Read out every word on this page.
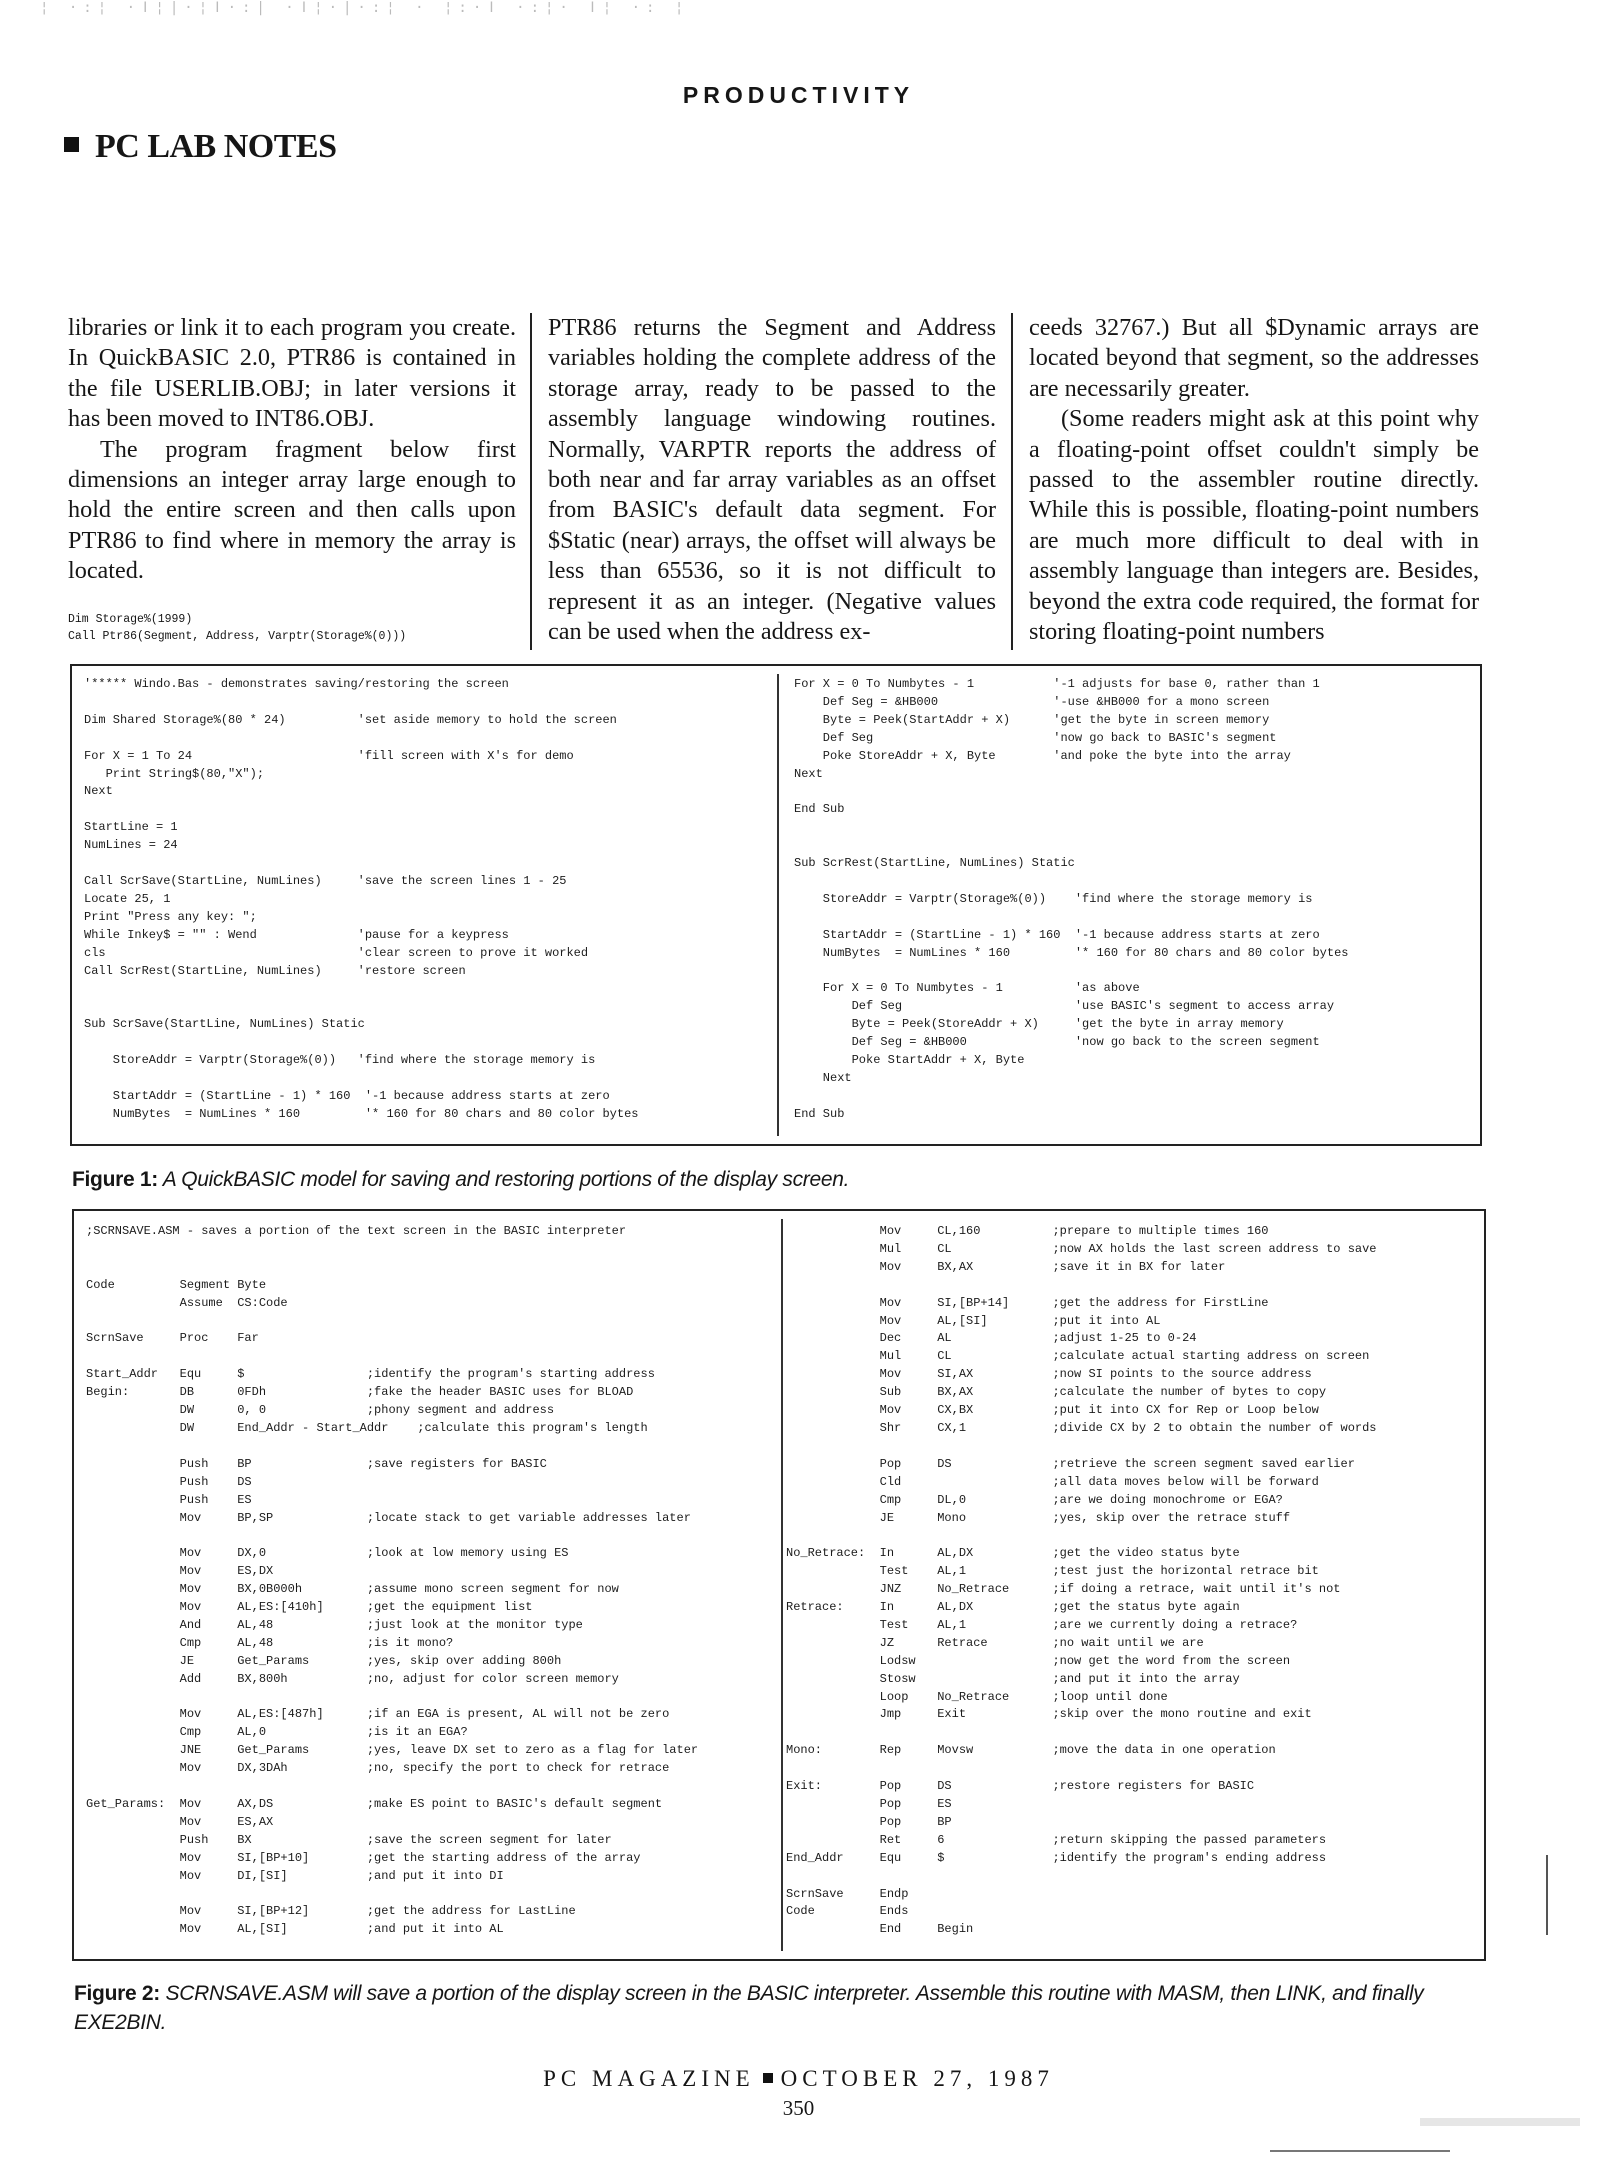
¦ ·:¦ ·ǀ¦|·¦ǀ·:| ·ǀ¦·|·:¦ · ¦:·ǀ ·:¦· ǀ¦ ·: ¦
PRODUCTIVITY
PC LAB NOTES

libraries or link it to each program you create. In QuickBASIC 2.0, PTR86 is contained in the file USERLIB.OBJ; in later versions it has been moved to INT86.OBJ.

The program fragment below first dimensions an integer array large enough to hold the entire screen and then calls upon PTR86 to find where in memory the array is located.

Dim Storage%(1999)
Call Ptr86(Segment, Address, Varptr(Storage%(0)))

PTR86 returns the Segment and Address variables holding the complete address of the storage array, ready to be passed to the assembly language windowing routines. Normally, VARPTR reports the address of both near and far array variables as an offset from BASIC's default data segment. For $Static (near) arrays, the offset will always be less than 65536, so it is not difficult to represent it as an integer. (Negative values can be used when the address ex-

ceeds 32767.) But all $Dynamic arrays are located beyond that segment, so the addresses are necessarily greater.

(Some readers might ask at this point why a floating-point offset couldn't simply be passed to the assembler routine directly. While this is possible, floating-point numbers are much more difficult to deal with in assembly language than integers are. Besides, beyond the extra code required, the format for storing floating-point numbers

'***** Windo.Bas - demonstrates saving/restoring the screen

Dim Shared Storage%(80 * 24)          'set aside memory to hold the screen

For X = 1 To 24                       'fill screen with X's for demo
Print String$(80,"X");
Next

StartLine = 1
NumLines = 24

Call ScrSave(StartLine, NumLines)     'save the screen lines 1 - 25
Locate 25, 1
Print "Press any key: ";
While Inkey$ = "" : Wend              'pause for a keypress
cls                                   'clear screen to prove it worked
Call ScrRest(StartLine, NumLines)     'restore screen

Sub ScrSave(StartLine, NumLines) Static

StoreAddr = Varptr(Storage%(0))   'find where the storage memory is

StartAddr = (StartLine - 1) * 160  '-1 because address starts at zero
NumBytes  = NumLines * 160         '* 160 for 80 chars and 80 color bytes
For X = 0 To Numbytes - 1           '-1 adjusts for base 0, rather than 1
Def Seg = &HB000                '-use &HB000 for a mono screen
Byte = Peek(StartAddr + X)      'get the byte in screen memory
Def Seg                         'now go back to BASIC's segment
Poke StoreAddr + X, Byte        'and poke the byte into the array
Next

End Sub

Sub ScrRest(StartLine, NumLines) Static

StoreAddr = Varptr(Storage%(0))    'find where the storage memory is

StartAddr = (StartLine - 1) * 160  '-1 because address starts at zero
NumBytes  = NumLines * 160         '* 160 for 80 chars and 80 color bytes

For X = 0 To Numbytes - 1          'as above
Def Seg                        'use BASIC's segment to access array
Byte = Peek(StoreAddr + X)     'get the byte in array memory
Def Seg = &HB000               'now go back to the screen segment
Poke StartAddr + X, Byte
Next

End Sub
Figure 1: A QuickBASIC model for saving and restoring portions of the display screen.
;SCRNSAVE.ASM - saves a portion of the text screen in the BASIC interpreter

Code         Segment Byte
Assume  CS:Code

ScrnSave     Proc    Far

Start_Addr   Equ     $                 ;identify the program's starting address
Begin:       DB      0FDh              ;fake the header BASIC uses for BLOAD
DW      0, 0              ;phony segment and address
DW      End_Addr - Start_Addr    ;calculate this program's length

Push    BP                ;save registers for BASIC
Push    DS
Push    ES
Mov     BP,SP             ;locate stack to get variable addresses later

Mov     DX,0              ;look at low memory using ES
Mov     ES,DX
Mov     BX,0B000h         ;assume mono screen segment for now
Mov     AL,ES:[410h]      ;get the equipment list
And     AL,48             ;just look at the monitor type
Cmp     AL,48             ;is it mono?
JE      Get_Params        ;yes, skip over adding 800h
Add     BX,800h           ;no, adjust for color screen memory

Mov     AL,ES:[487h]      ;if an EGA is present, AL will not be zero
Cmp     AL,0              ;is it an EGA?
JNE     Get_Params        ;yes, leave DX set to zero as a flag for later
Mov     DX,3DAh           ;no, specify the port to check for retrace

Get_Params:  Mov     AX,DS             ;make ES point to BASIC's default segment
Mov     ES,AX
Push    BX                ;save the screen segment for later
Mov     SI,[BP+10]        ;get the starting address of the array
Mov     DI,[SI]           ;and put it into DI

Mov     SI,[BP+12]        ;get the address for LastLine
Mov     AL,[SI]           ;and put it into AL
Mov     CL,160          ;prepare to multiple times 160
Mul     CL              ;now AX holds the last screen address to save
Mov     BX,AX           ;save it in BX for later

Mov     SI,[BP+14]      ;get the address for FirstLine
Mov     AL,[SI]         ;put it into AL
Dec     AL              ;adjust 1-25 to 0-24
Mul     CL              ;calculate actual starting address on screen
Mov     SI,AX           ;now SI points to the source address
Sub     BX,AX           ;calculate the number of bytes to copy
Mov     CX,BX           ;put it into CX for Rep or Loop below
Shr     CX,1            ;divide CX by 2 to obtain the number of words

Pop     DS              ;retrieve the screen segment saved earlier
Cld                     ;all data moves below will be forward
Cmp     DL,0            ;are we doing monochrome or EGA?
JE      Mono            ;yes, skip over the retrace stuff

No_Retrace:  In      AL,DX           ;get the video status byte
Test    AL,1            ;test just the horizontal retrace bit
JNZ     No_Retrace      ;if doing a retrace, wait until it's not
Retrace:     In      AL,DX           ;get the status byte again
Test    AL,1            ;are we currently doing a retrace?
JZ      Retrace         ;no wait until we are
Lodsw                   ;now get the word from the screen
Stosw                   ;and put it into the array
Loop    No_Retrace      ;loop until done
Jmp     Exit            ;skip over the mono routine and exit

Mono:        Rep     Movsw           ;move the data in one operation

Exit:        Pop     DS              ;restore registers for BASIC
Pop     ES
Pop     BP
Ret     6               ;return skipping the passed parameters
End_Addr     Equ     $               ;identify the program's ending address

ScrnSave     Endp
Code         Ends
End     Begin
Figure 2: SCRNSAVE.ASM will save a portion of the display screen in the BASIC interpreter. Assemble this routine with MASM, then LINK, and finally EXE2BIN.
PC MAGAZINE OCTOBER 27, 1987
350
